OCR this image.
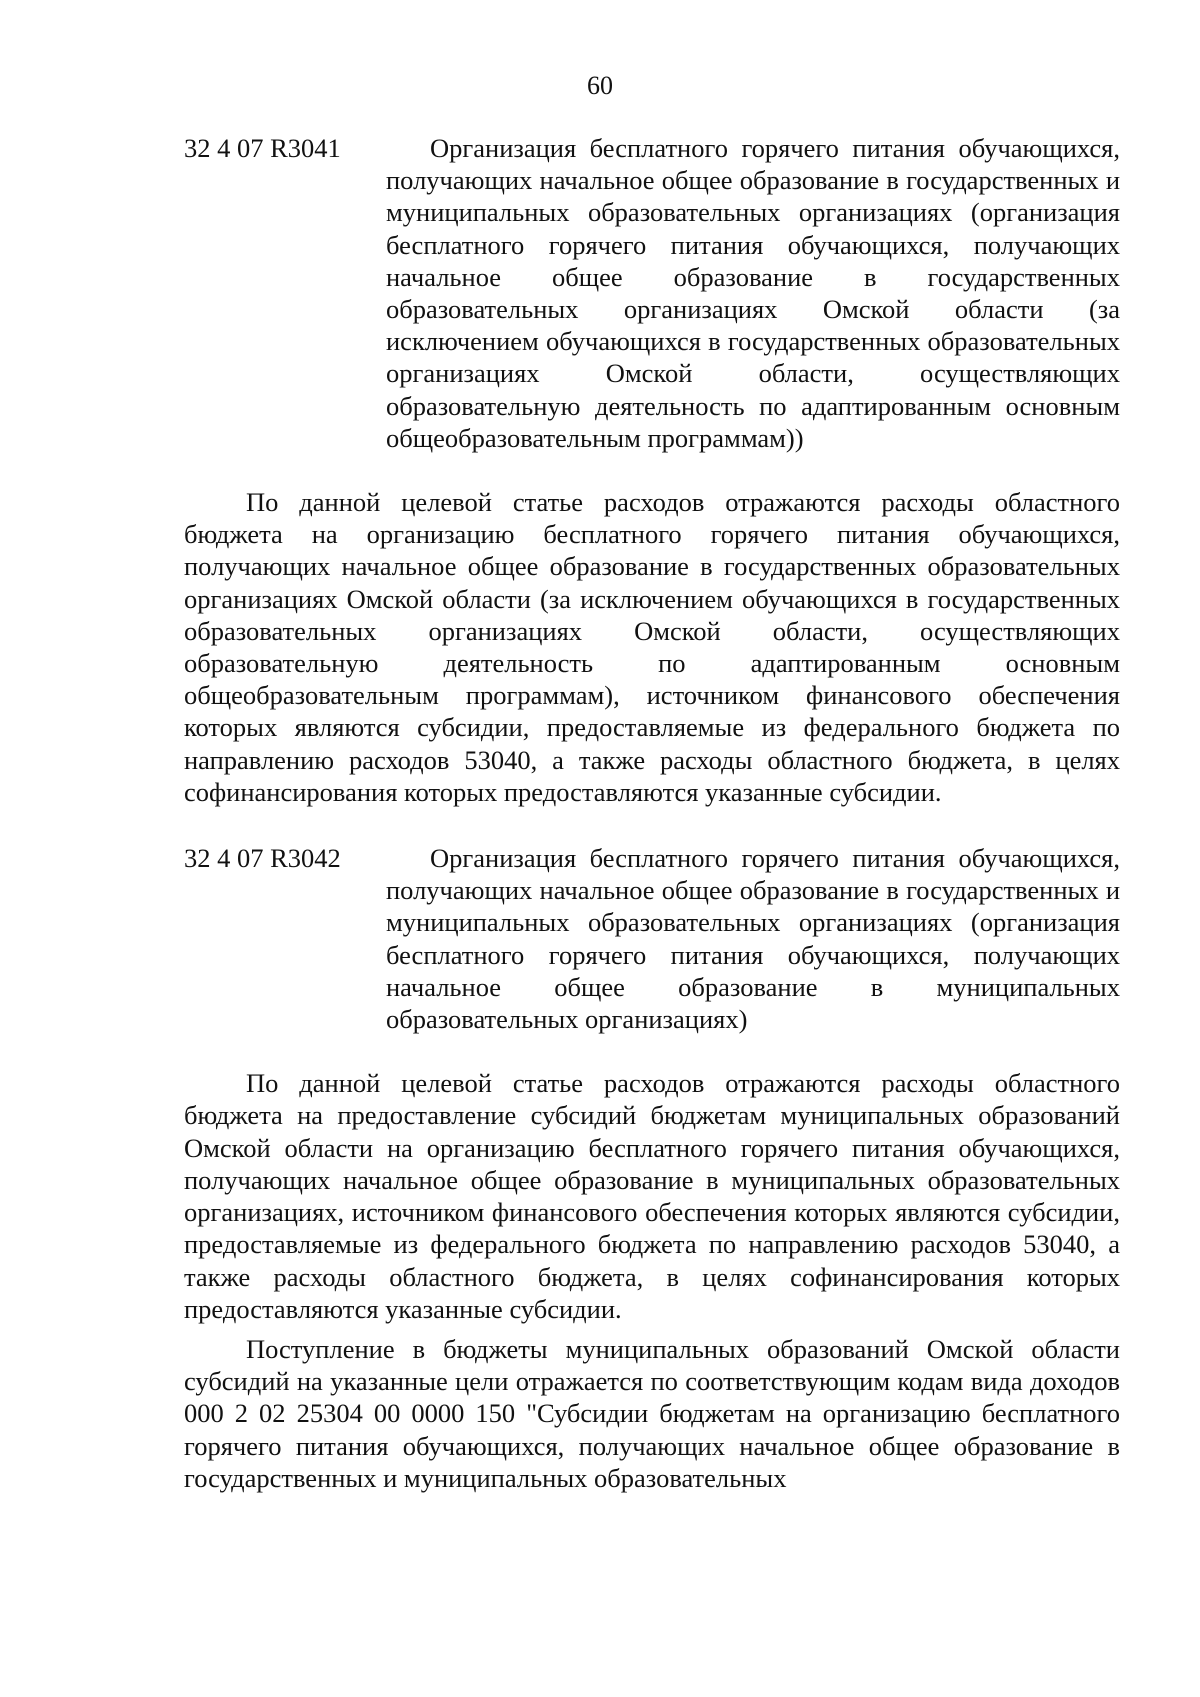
60
32 4 07 R3041	Организация бесплатного горячего питания обучающихся, получающих начальное общее образование в государственных и муниципальных образовательных организациях (организация бесплатного горячего питания обучающихся, получающих начальное общее образование в государственных образовательных организациях Омской области (за исключением обучающихся в государственных образовательных организациях Омской области, осуществляющих образовательную деятельность по адаптированным основным общеобразовательным программам))

По данной целевой статье расходов отражаются расходы областного бюджета на организацию бесплатного горячего питания обучающихся, получающих начальное общее образование в государственных образовательных организациях Омской области (за исключением обучающихся в государственных образовательных организациях Омской области, осуществляющих образовательную деятельность по адаптированным основным общеобразовательным программам), источником финансового обеспечения которых являются субсидии, предоставляемые из федерального бюджета по направлению расходов 53040, а также расходы областного бюджета, в целях софинансирования которых предоставляются указанные субсидии.

32 4 07 R3042	Организация бесплатного горячего питания обучающихся, получающих начальное общее образование в государственных и муниципальных образовательных организациях (организация бесплатного горячего питания обучающихся, получающих начальное общее образование в муниципальных образовательных организациях)

По данной целевой статье расходов отражаются расходы областного бюджета на предоставление субсидий бюджетам муниципальных образований Омской области на организацию бесплатного горячего питания обучающихся, получающих начальное общее образование в муниципальных образовательных организациях, источником финансового обеспечения которых являются субсидии, предоставляемые из федерального бюджета по направлению расходов 53040, а также расходы областного бюджета, в целях софинансирования которых предоставляются указанные субсидии.

Поступление в бюджеты муниципальных образований Омской области субсидий на указанные цели отражается по соответствующим кодам вида доходов 000 2 02 25304 00 0000 150 "Субсидии бюджетам на организацию бесплатного горячего питания обучающихся, получающих начальное общее образование в государственных и муниципальных образовательных
